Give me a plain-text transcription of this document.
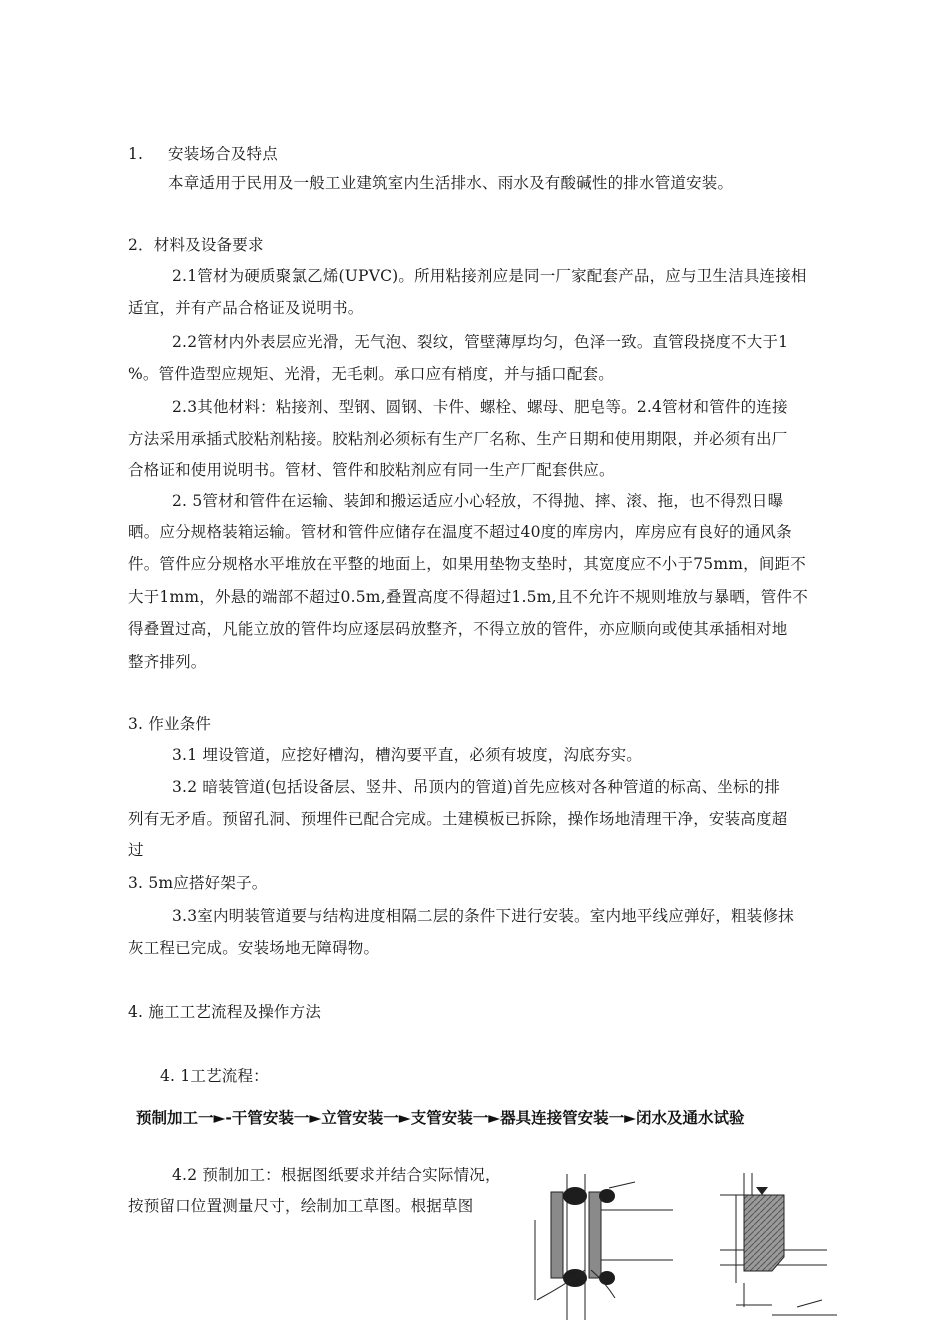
1. 安装场合及特点
本章适用于民用及一般工业建筑室内生活排水、雨水及有酸碱性的排水管道安装。
2．材料及设备要求
2.1管材为硬质聚氯乙烯(UPVC)。所用粘接剂应是同一厂家配套产品，应与卫生洁具连接相
适宜，并有产品合格证及说明书。
2.2管材内外表层应光滑，无气泡、裂纹，管壁薄厚均匀，色泽一致。直管段挠度不大于1
%。管件造型应规矩、光滑，无毛刺。承口应有梢度，并与插口配套。
2.3其他材料：粘接剂、型钢、圆钢、卡件、螺栓、螺母、肥皂等。2.4管材和管件的连接
方法采用承插式胶粘剂粘接。胶粘剂必须标有生产厂名称、生产日期和使用期限，并必须有出厂
合格证和使用说明书。管材、管件和胶粘剂应有同一生产厂配套供应。
2. 5管材和管件在运输、装卸和搬运适应小心轻放，不得抛、摔、滚、拖，也不得烈日曝
晒。应分规格装箱运输。管材和管件应储存在温度不超过40度的库房内，库房应有良好的通风条
件。管件应分规格水平堆放在平整的地面上，如果用垫物支垫时，其宽度应不小于75mm，间距不
大于1mm，外悬的端部不超过0.5m,叠置高度不得超过1.5m,且不允许不规则堆放与暴晒，管件不
得叠置过高，凡能立放的管件均应逐层码放整齐，不得立放的管件，亦应顺向或使其承插相对地
整齐排列。
3. 作业条件
3.1 埋设管道，应挖好槽沟，槽沟要平直，必须有坡度，沟底夯实。
3.2 暗装管道(包括设备层、竖井、吊顶内的管道)首先应核对各种管道的标高、坐标的排
列有无矛盾。预留孔洞、预埋件已配合完成。土建模板已拆除，操作场地清理干净，安装高度超
过
3. 5m应搭好架子。
3.3室内明装管道要与结构进度相隔二层的条件下进行安装。室内地平线应弹好，粗装修抹
灰工程已完成。安装场地无障碍物。
4. 施工工艺流程及操作方法
4. 1工艺流程：
预制加工一►-干管安装一►立管安装一►支管安装一►器具连接管安装一►闭水及通水试验
4.2 预制加工：根据图纸要求并结合实际情况，
按预留口位置测量尺寸，绘制加工草图。根据草图
